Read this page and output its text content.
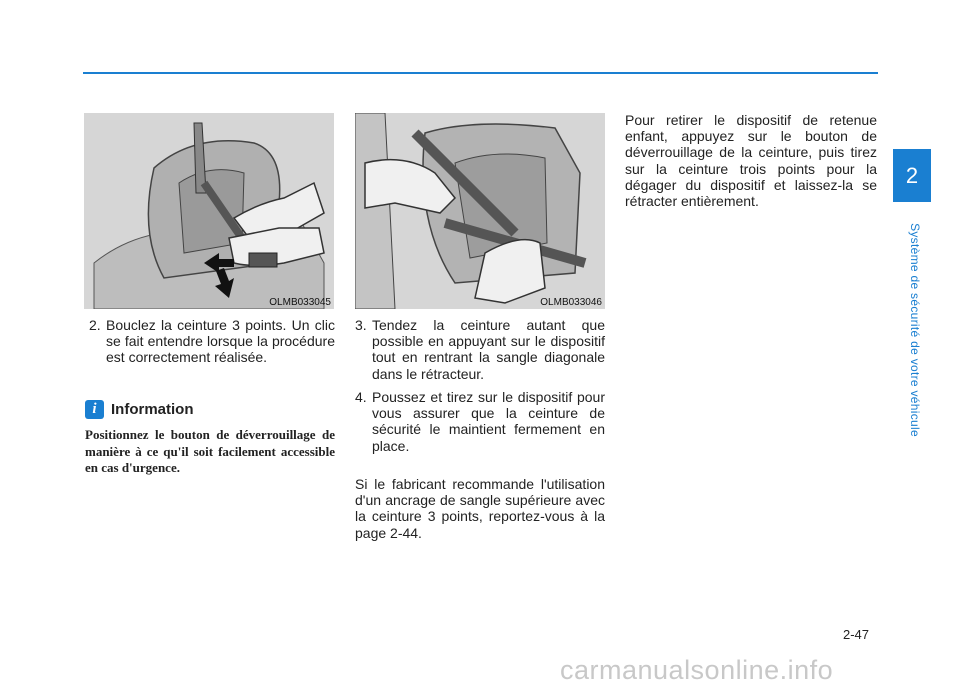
2
Système de sécurité de votre véhicule
OLMB033045	OLMB033046
2. Bouclez la ceinture 3 points. Un clic se fait entendre lorsque la procédure est correctement réalisée.
i Information
Positionnez le bouton de déverrouillage de manière à ce qu'il soit facilement accessible en cas d'urgence.
3. Tendez la ceinture autant que possible en appuyant sur le dispositif tout en rentrant la sangle diagonale dans le rétracteur.
4. Poussez et tirez sur le dispositif pour vous assurer que la ceinture de sécurité le maintient fermement en place.
Si le fabricant recommande l'utilisation d'un ancrage de sangle supérieure avec la ceinture 3 points, reportez-vous à la page 2-44.
Pour retirer le dispositif de retenue enfant, appuyez sur le bouton de déverrouillage de la ceinture, puis tirez sur la ceinture trois points pour la dégager du dispositif et laissez-la se rétracter entièrement.
2-47
carmanualsonline.info
